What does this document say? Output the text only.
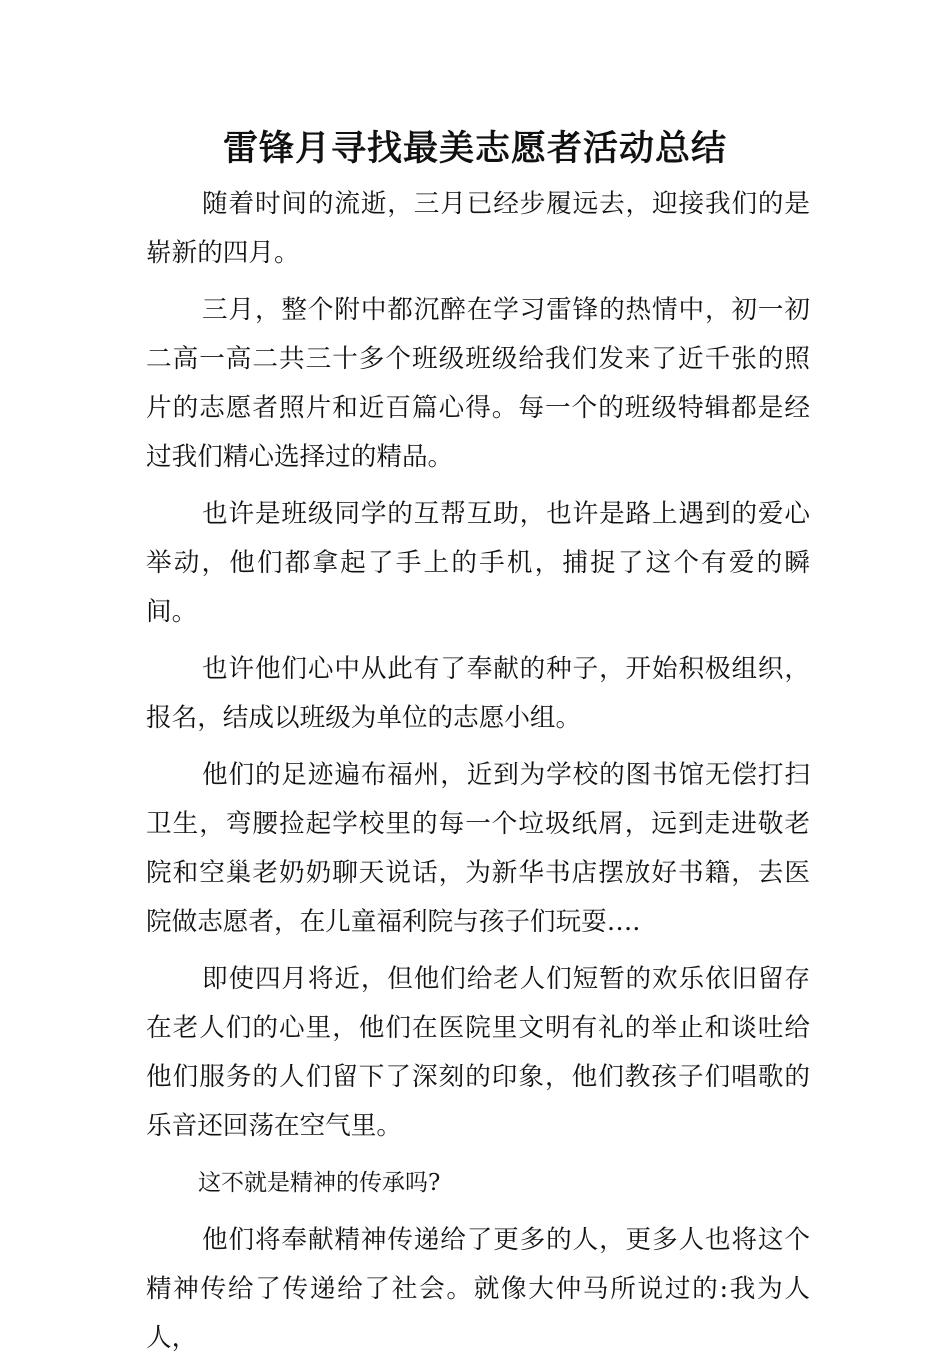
雷锋月寻找最美志愿者活动总结

随着时间的流逝，三月已经步履远去，迎接我们的是崭新的四月。

三月，整个附中都沉醉在学习雷锋的热情中，初一初二高一高二共三十多个班级班级给我们发来了近千张的照片的志愿者照片和近百篇心得。每一个的班级特辑都是经过我们精心选择过的精品。

也许是班级同学的互帮互助，也许是路上遇到的爱心举动，他们都拿起了手上的手机，捕捉了这个有爱的瞬间。

也许他们心中从此有了奉献的种子，开始积极组织，报名，结成以班级为单位的志愿小组。

他们的足迹遍布福州，近到为学校的图书馆无偿打扫卫生，弯腰捡起学校里的每一个垃圾纸屑，远到走进敬老院和空巢老奶奶聊天说话，为新华书店摆放好书籍，去医院做志愿者，在儿童福利院与孩子们玩耍….

即使四月将近，但他们给老人们短暂的欢乐依旧留存在老人们的心里，他们在医院里文明有礼的举止和谈吐给他们服务的人们留下了深刻的印象，他们教孩子们唱歌的乐音还回荡在空气里。

这不就是精神的传承吗?

他们将奉献精神传递给了更多的人，更多人也将这个精神传给了传递给了社会。就像大仲马所说过的:我为人人，
